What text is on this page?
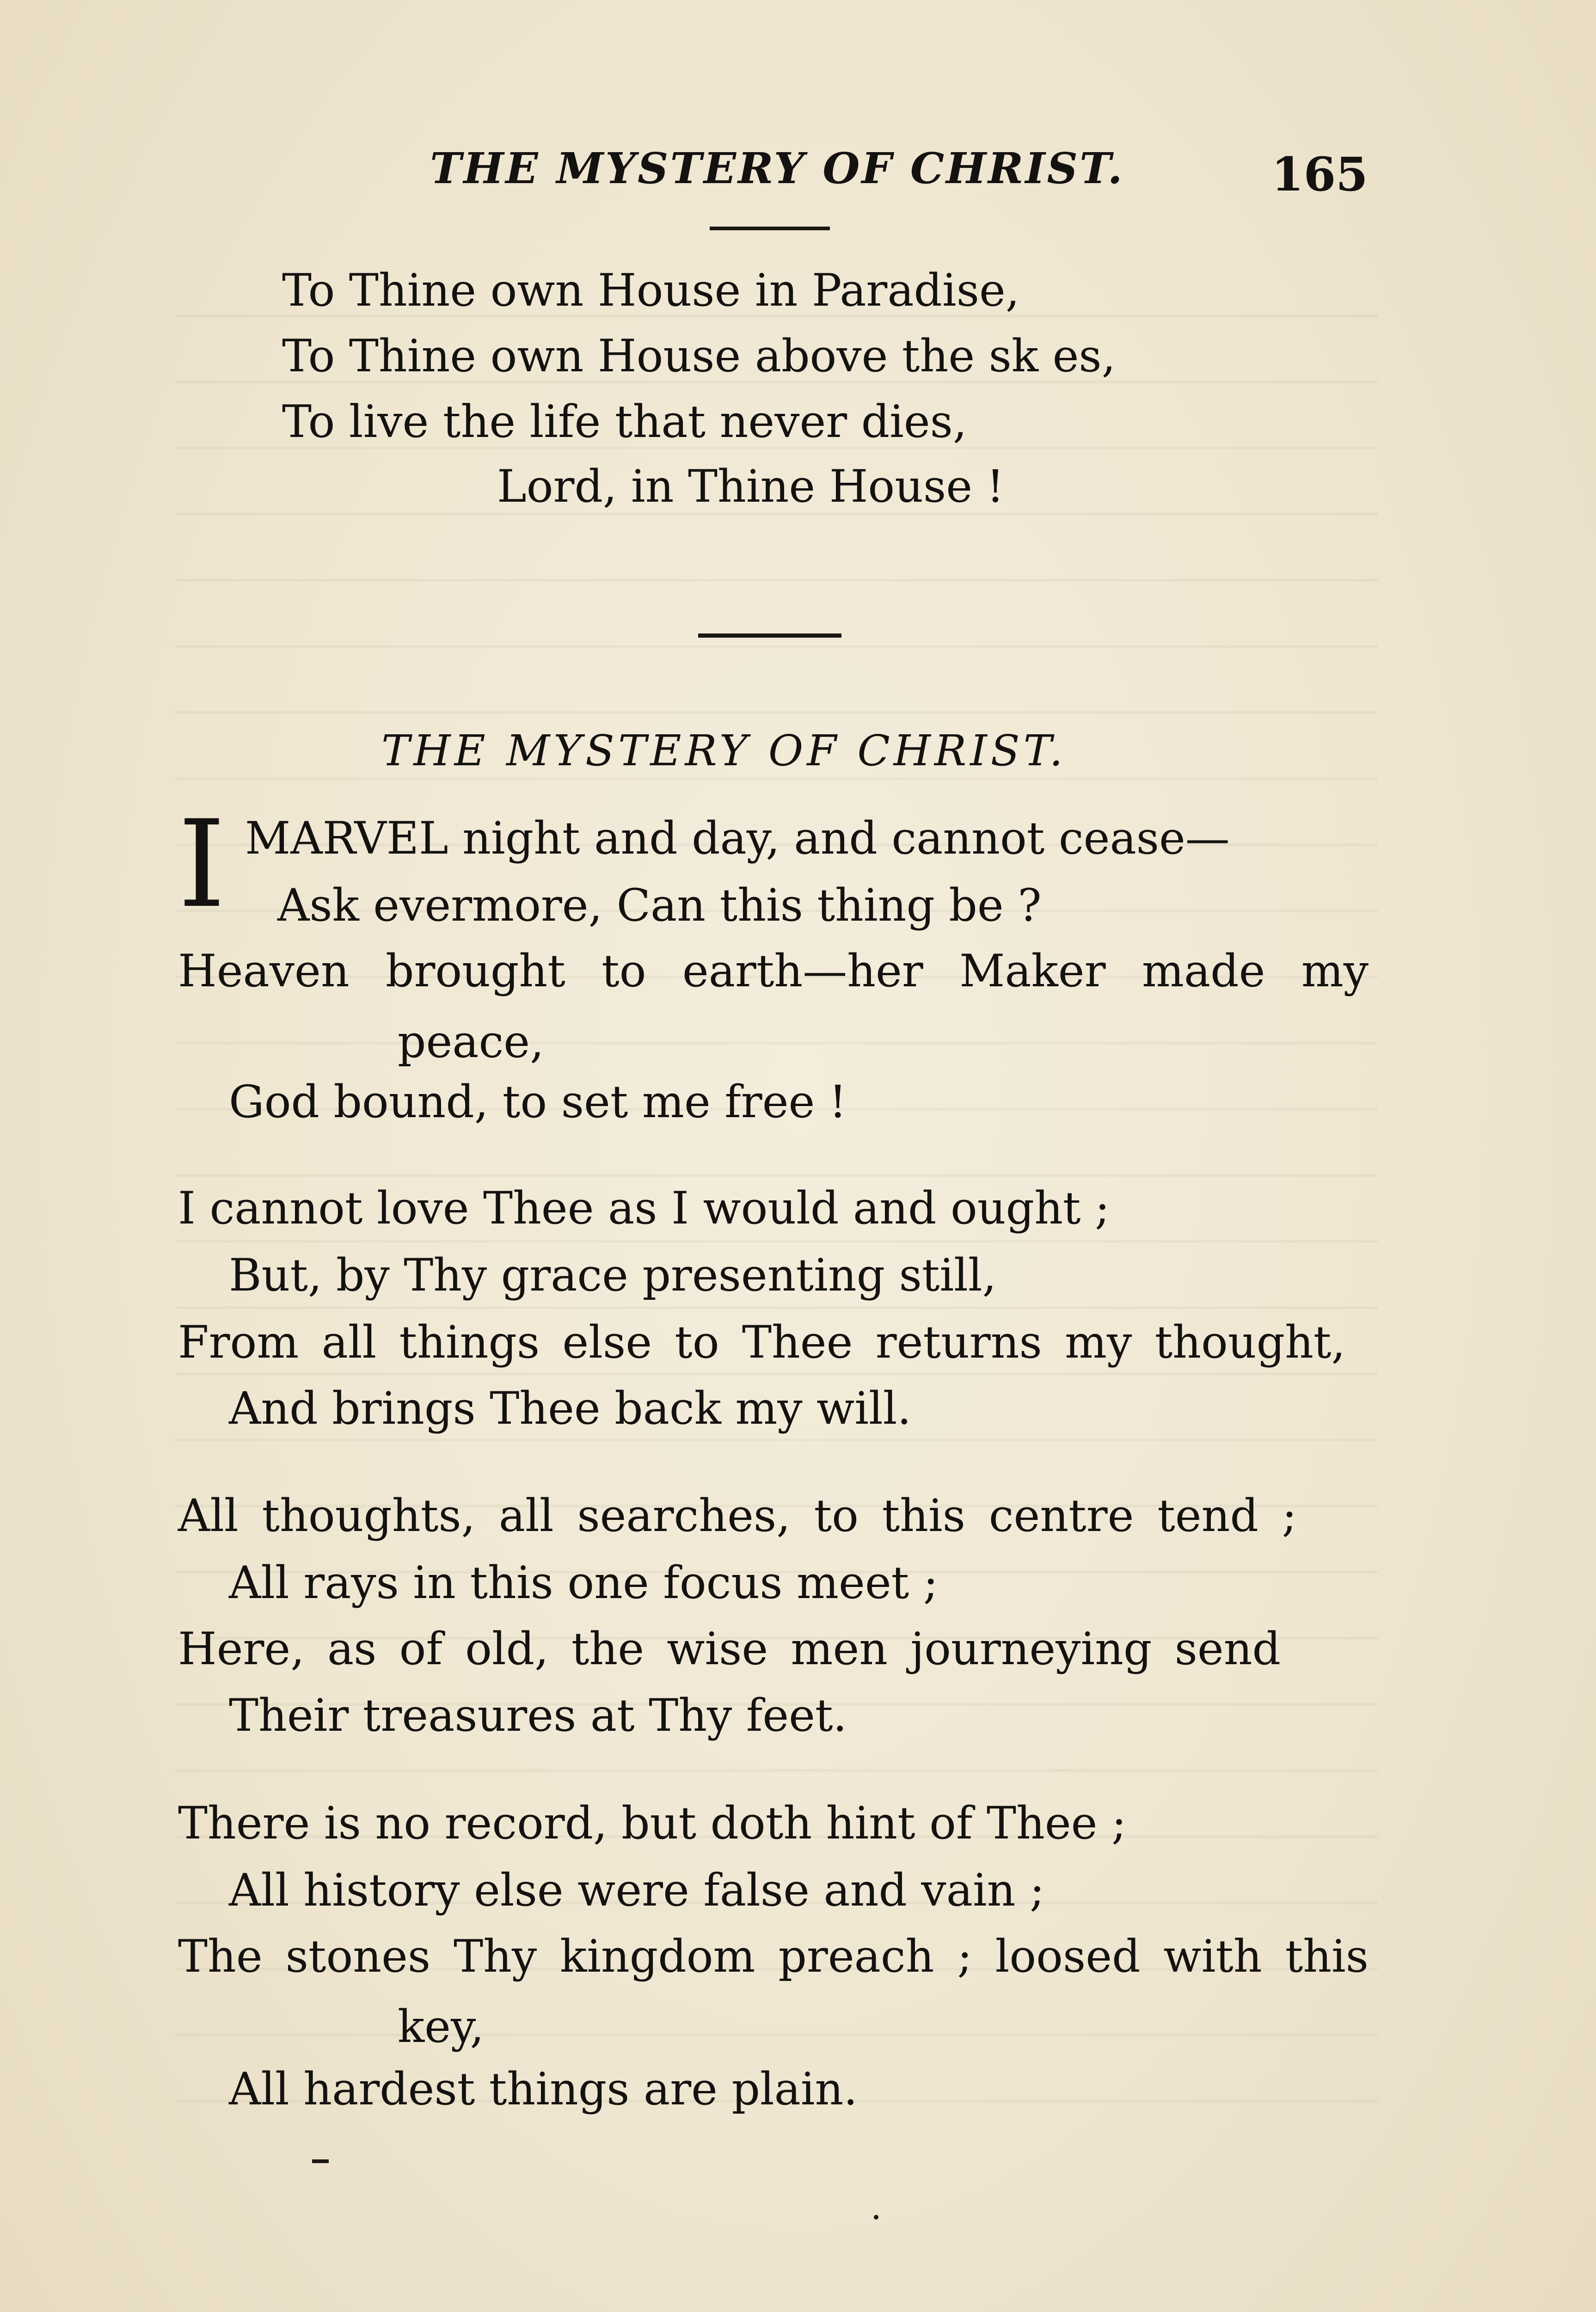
THE MYSTERY OF CHRIST.	165
To Thine own House in Paradise,
To Thine own House above the sk es,
To live the life that never dies,
Lord, in Thine House !
THE MYSTERY OF CHRIST.
I MARVEL night and day, and cannot cease—
Ask evermore, Can this thing be ?
Heaven brought to earth—her Maker made my
peace,
God bound, to set me free !
I cannot love Thee as I would and ought ;
But, by Thy grace presenting still,
From all things else to Thee returns my thought,
And brings Thee back my will.
All thoughts, all searches, to this centre tend ;
All rays in this one focus meet ;
Here, as of old, the wise men journeying send
Their treasures at Thy feet.
There is no record, but doth hint of Thee ;
All history else were false and vain ;
The stones Thy kingdom preach ; loosed with this
key,
All hardest things are plain.
